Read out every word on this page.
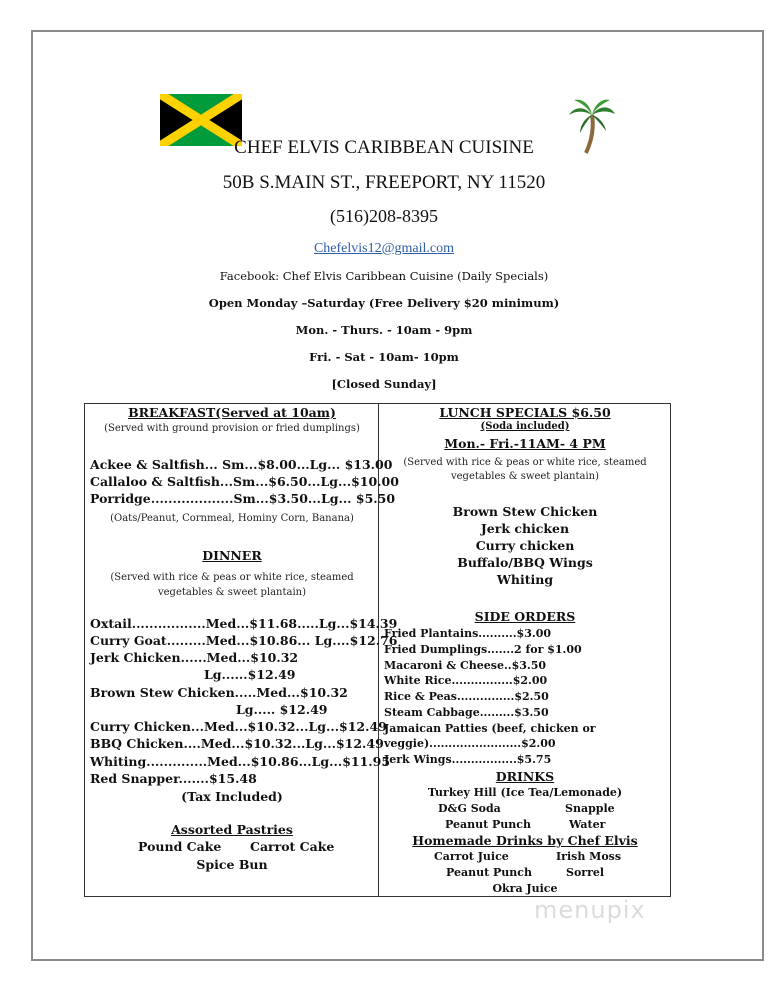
CHEF ELVIS CARIBBEAN CUISINE
50B S.MAIN ST., FREEPORT, NY 11520
(516)208-8395
Chefelvis12@gmail.com
Facebook: Chef Elvis Caribbean Cuisine (Daily Specials)
Open Monday –Saturday (Free Delivery $20 minimum)
Mon. - Thurs. - 10am - 9pm
Fri. - Sat - 10am- 10pm
[Closed Sunday]
BREAKFAST(Served at 10am)
(Served with ground provision or fried dumplings)
Ackee & Saltfish... Sm...$8.00...Lg... $13.00
Callaloo & Saltfish...Sm...$6.50...Lg...$10.00
Porridge...................Sm...$3.50...Lg... $5.50
(Oats/Peanut, Cornmeal, Hominy Corn, Banana)
DINNER
(Served with rice & peas or white rice, steamed
vegetables & sweet plantain)
Oxtail.................Med...$11.68.....Lg...$14.39
Curry Goat.........Med...$10.86... Lg....$12.76
Jerk Chicken......Med...$10.32
Lg......$12.49
Brown Stew Chicken.....Med...$10.32
Lg..... $12.49
Curry Chicken...Med...$10.32...Lg...$12.49
BBQ Chicken....Med...$10.32...Lg...$12.49
Whiting..............Med...$10.86...Lg...$11.95
Red Snapper.......$15.48
(Tax Included)
Assorted Pastries
Pound Cake Carrot Cake
Spice Bun
LUNCH SPECIALS $6.50
(Soda included)
Mon.- Fri.-11AM- 4 PM
(Served with rice & peas or white rice, steamed
vegetables & sweet plantain)
Brown Stew Chicken
Jerk chicken
Curry chicken
Buffalo/BBQ Wings
Whiting
SIDE ORDERS
Fried Plantains..........$3.00
Fried Dumplings.......2 for $1.00
Macaroni & Cheese..$3.50
White Rice................$2.00
Rice & Peas...............$2.50
Steam Cabbage.........$3.50
Jamaican Patties (beef, chicken or
veggie)........................$2.00
Jerk Wings.................$5.75
DRINKS
Turkey Hill (Ice Tea/Lemonade)
D&G Soda	Snapple
Peanut Punch	Water
Homemade Drinks by Chef Elvis
Carrot Juice	Irish Moss
Peanut Punch	Sorrel
Okra Juice
menupix
